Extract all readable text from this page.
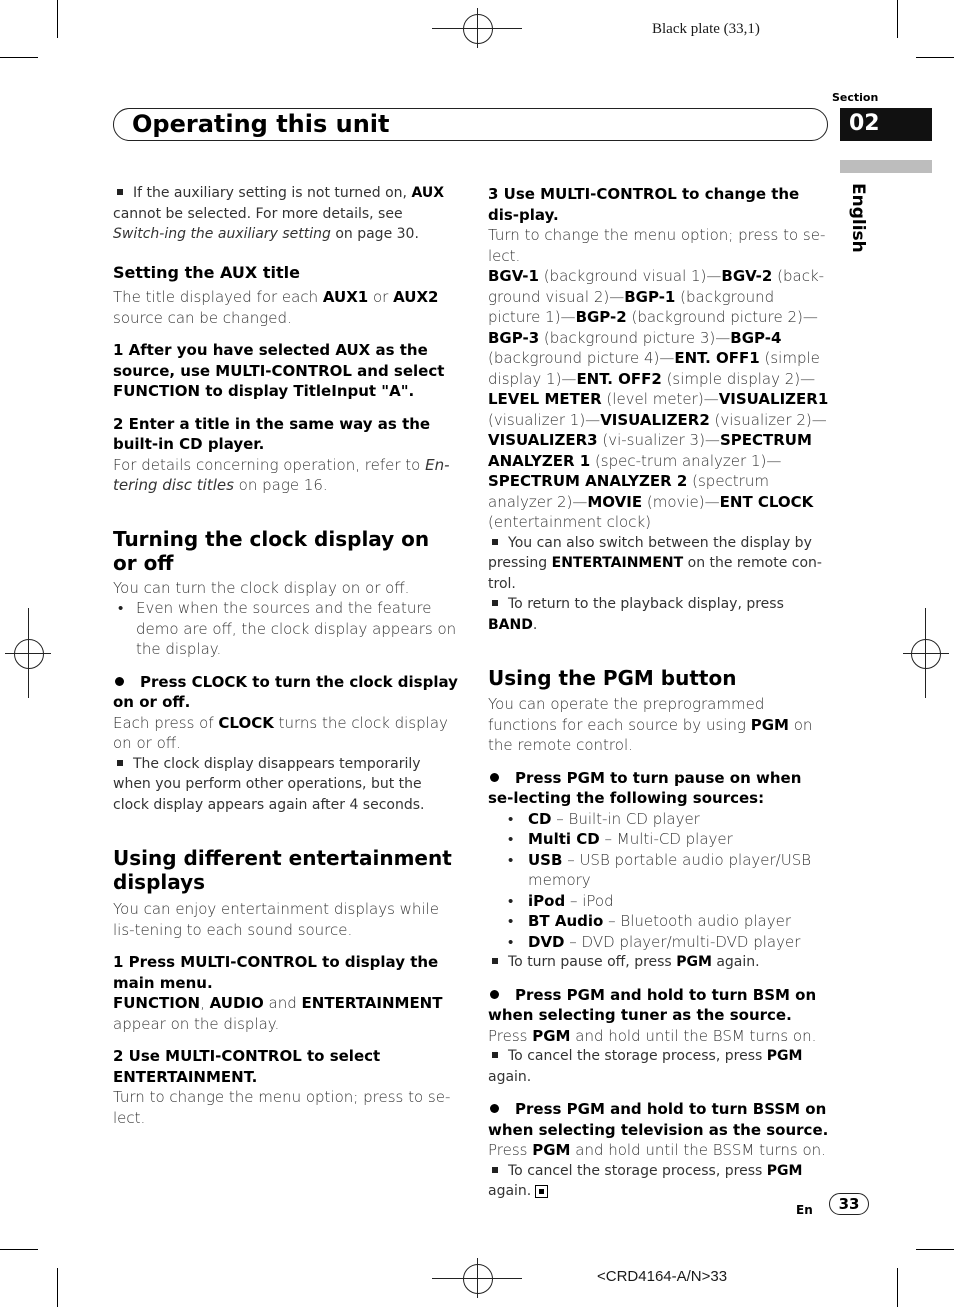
Black plate (33,1)
Section
02
Operating this unit
English

If the auxiliary setting is not turned on, AUX cannot be selected. For more details, see Switch-ing the auxiliary setting on page 30.

Setting the AUX title

The title displayed for each AUX1 or AUX2
source can be changed.

1 After you have selected AUX as the source, use MULTI-CONTROL and select FUNCTION to display TitleInput "A".

2 Enter a title in the same way as the built-in CD player.

For details concerning operation, refer to En-tering disc titles on page 16.

Turning the clock display on or off

You can turn the clock display on or off.

• Even when the sources and the feature demo are off, the clock display appears on the display.

Press CLOCK to turn the clock display on or off.

Each press of CLOCK turns the clock display on or off.

The clock display disappears temporarily when you perform other operations, but the clock display appears again after 4 seconds.

Using different entertainment displays

You can enjoy entertainment displays while lis-tening to each sound source.

1 Press MULTI-CONTROL to display the main menu.

FUNCTION, AUDIO and ENTERTAINMENT
appear on the display.

2 Use MULTI-CONTROL to select ENTERTAINMENT.

Turn to change the menu option; press to se-lect.

3 Use MULTI-CONTROL to change the dis-play.

Turn to change the menu option; press to se-lect.

BGV-1 (background visual 1)—BGV-2 (back-ground visual 2)—BGP-1 (background picture 1)—BGP-2 (background picture 2)—BGP-3 (background picture 3)—BGP-4 (background picture 4)—ENT. OFF1 (simple display 1)—ENT. OFF2 (simple display 2)—LEVEL METER (level meter)—VISUALIZER1 (visualizer 1)—VISUALIZER2 (visualizer 2)—VISUALIZER3 (vi-sualizer 3)—SPECTRUM ANALYZER 1 (spec-trum analyzer 1)—SPECTRUM ANALYZER 2 (spectrum analyzer 2)—MOVIE (movie)—ENT CLOCK (entertainment clock)

You can also switch between the display by pressing ENTERTAINMENT on the remote con-trol.

To return to the playback display, press BAND.

Using the PGM button

You can operate the preprogrammed functions for each source by using PGM on the remote control.

Press PGM to turn pause on when se-lecting the following sources:

• CD – Built-in CD player

• Multi CD – Multi-CD player

• USB – USB portable audio player/USB memory

• iPod – iPod

• BT Audio – Bluetooth audio player

• DVD – DVD player/multi-DVD player

To turn pause off, press PGM again.

Press PGM and hold to turn BSM on when selecting tuner as the source.

Press PGM and hold until the BSM turns on.

To cancel the storage process, press PGM again.

Press PGM and hold to turn BSSM on when selecting television as the source.

Press PGM and hold until the BSSM turns on.

To cancel the storage process, press PGM again.

En	33
<CRD4164-A/N>33
